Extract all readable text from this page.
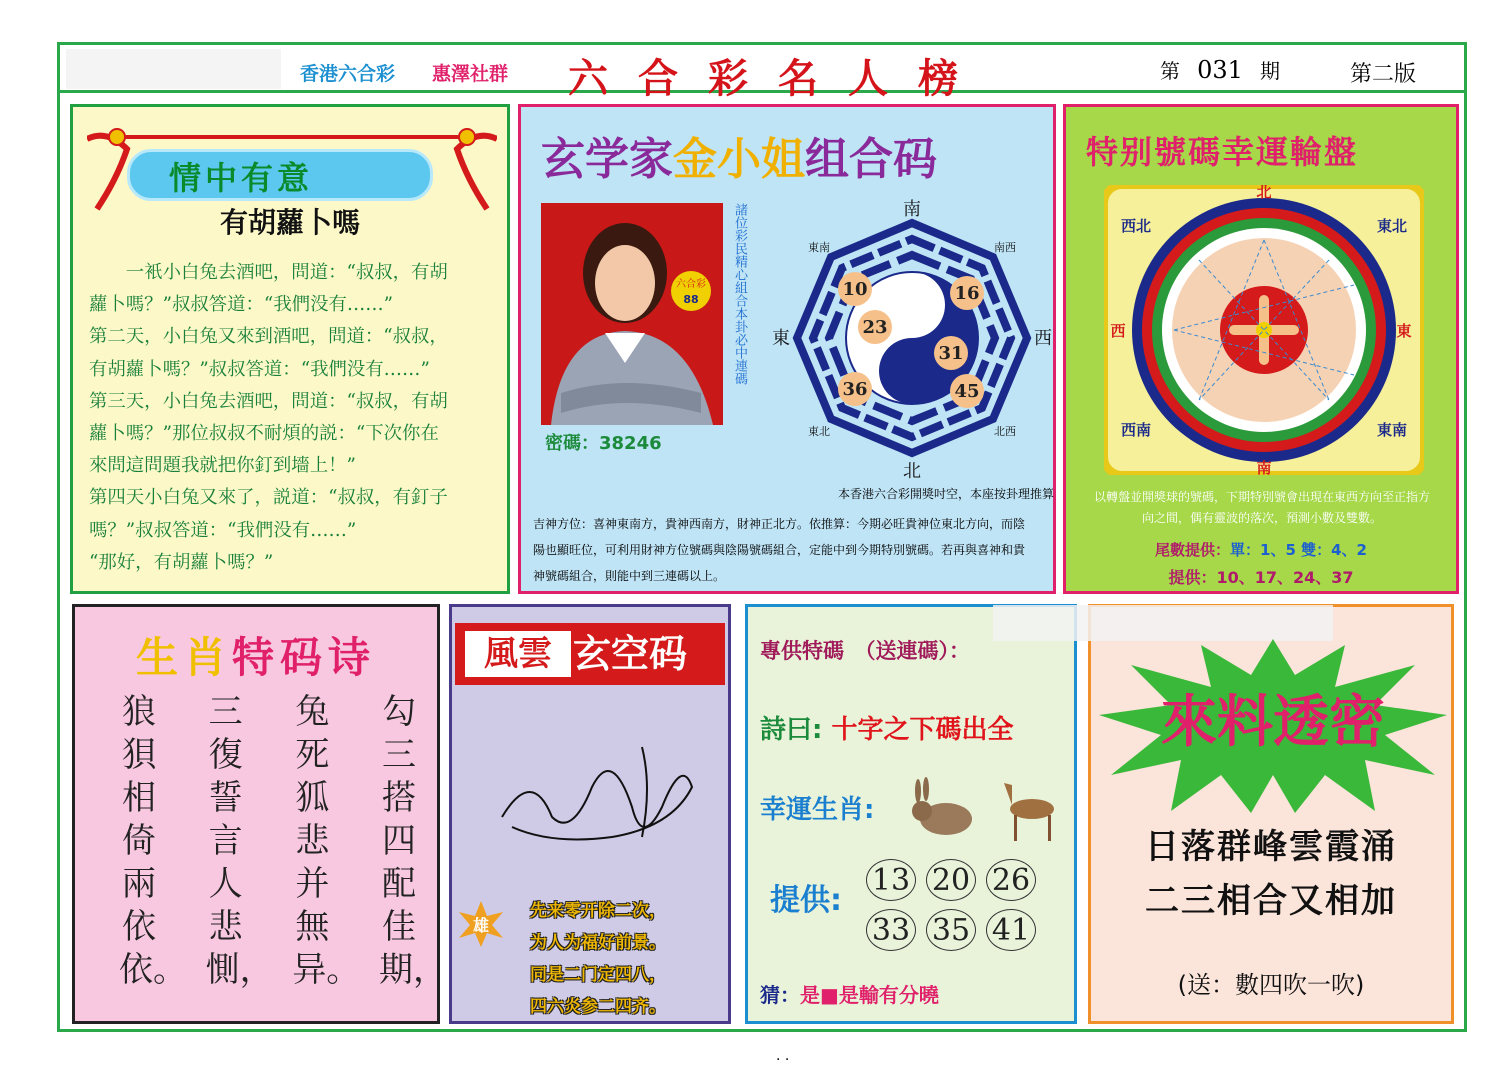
香港六合彩 惠澤社群 六合彩名人榜	第 031 期	第二版
情中有意
有胡蘿卜嗎

　　一衹小白兔去酒吧，問道：“叔叔，有胡

蘿卜嗎？”叔叔答道：“我們没有……”

第二天，小白兔又來到酒吧，問道：“叔叔，

有胡蘿卜嗎？”叔叔答道：“我們没有……”

第三天，小白兔去酒吧，問道：“叔叔，有胡

蘿卜嗎？”那位叔叔不耐煩的説：“下次你在

來問這問題我就把你釘到墻上！”

第四天小白兔又來了，説道：“叔叔，有釘子

嗎？”叔叔答道：“我們没有……”

“那好，有胡蘿卜嗎？”

玄学家金小姐组合码
六合彩
88	諸位彩民精心組合本卦必中連碼
密碼：38246
南
北
西
東
南西
東南
北西
東北
10	16
23
31
36	45
本香港六合彩開獎吋空，本座按卦理推算
吉神方位：喜神東南方，貴神西南方，財神正北方。依推算：今期必旺貴神位東北方向，而陰
陽也顯旺位，可利用財神方位號碼與陰陽號碼組合，定能中到今期特別號碼。若再與喜神和貴
神號碼組合，則能中到三連碼以上。
特别號碼幸運輪盤
北
南
東
西
西北	東北
西南	東南
以轉盤並開獎球的號碼，下期特別號會出現在東西方向至正指方
向之間，偶有靈波的落次，預測小數及雙數。
尾數提供：單：1、5 雙：4、2
提供：10、17、24、37
生肖特码诗
狼狽相倚兩依依。
三復誓言人悲惻，
兔死狐悲并無异。
勾三搭四配佳期，
風雲 玄空码
雄
先来零开除二次，
为人为福好前景。
同是二门定四八，
四六炎参二四齐。
專供特碼　（送連碼）：
詩曰: 十字之下碼出全
幸運生肖:
提供:
13 20 26
33 35 41
猜：是■是輸有分曉
來料透密
日落群峰雲霞涌
二三相合又相加
(送：數四吹一吹)
. .
